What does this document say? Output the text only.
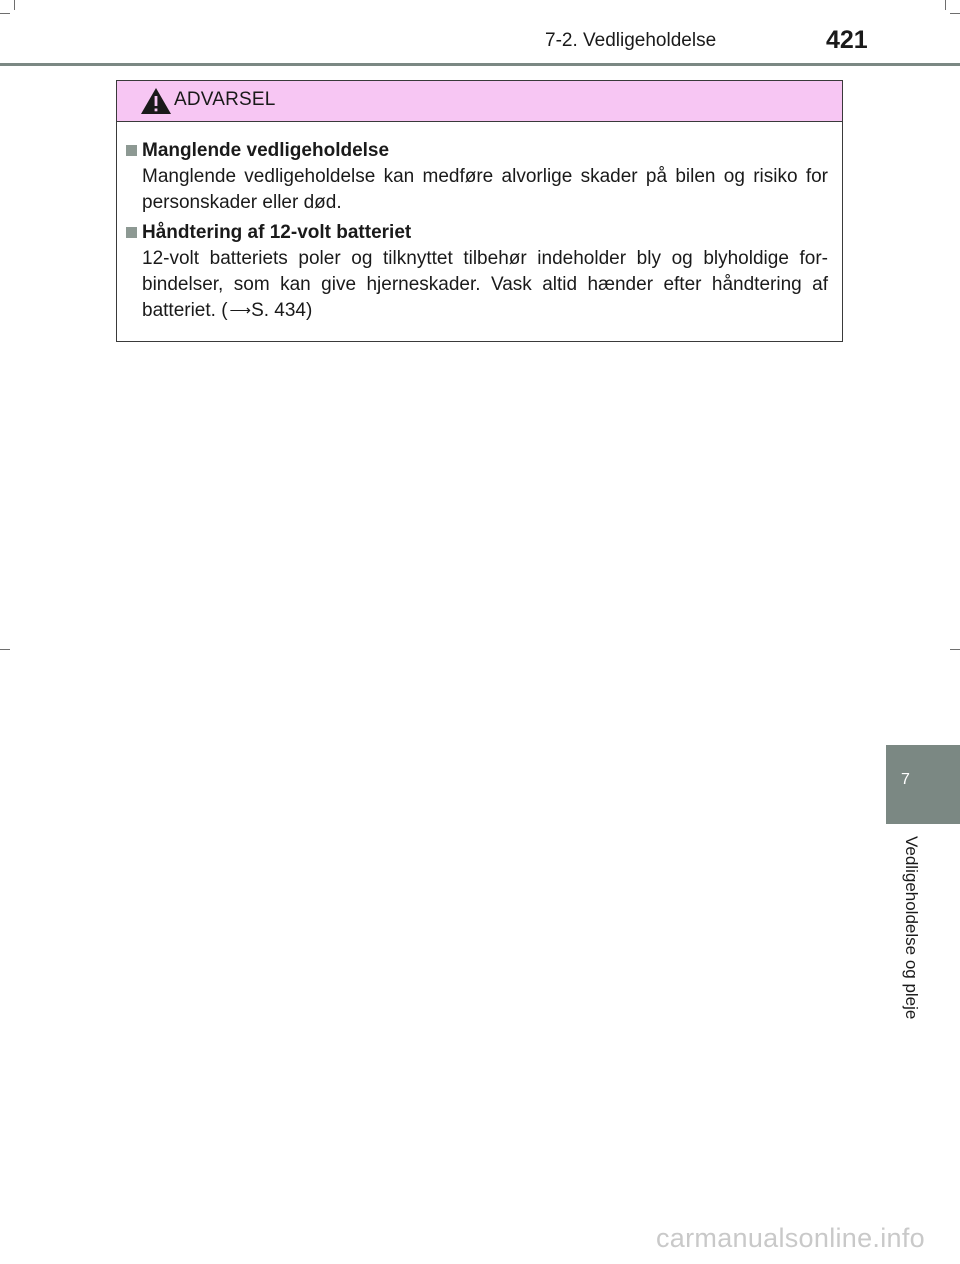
7-2. Vedligeholdelse	421
ADVARSEL
Manglende vedligeholdelse
Manglende vedligeholdelse kan medføre alvorlige skader på bilen og risiko for personskader eller død.
Håndtering af 12-volt batteriet
12-volt batteriets poler og tilknyttet tilbehør indeholder bly og blyholdige for-bindelser, som kan give hjerneskader. Vask altid hænder efter håndtering af batteriet. ( ⟶S. 434)
7
Vedligeholdelse og pleje
carmanualsonline.info
